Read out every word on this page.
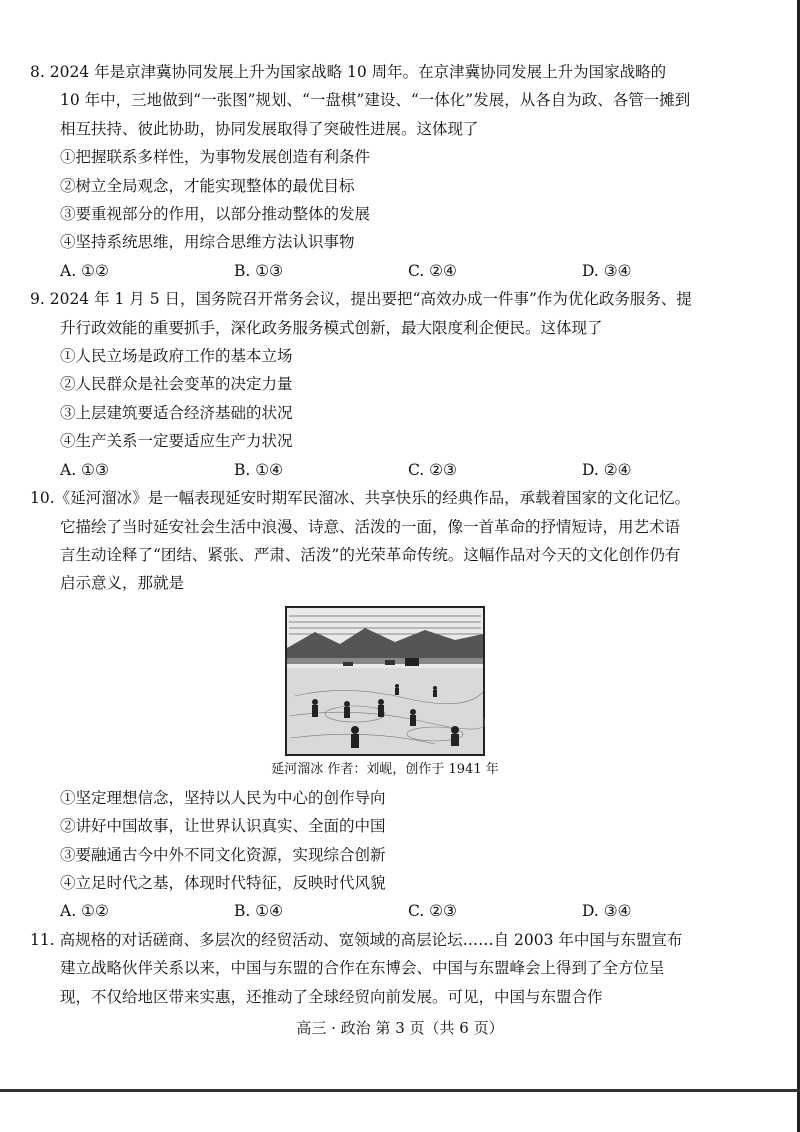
8. 2024 年是京津冀协同发展上升为国家战略 10 周年。在京津冀协同发展上升为国家战略的
10 年中，三地做到“一张图”规划、“一盘棋”建设、“一体化”发展，从各自为政、各管一摊到
相互扶持、彼此协助，协同发展取得了突破性进展。这体现了
①把握联系多样性，为事物发展创造有利条件
②树立全局观念，才能实现整体的最优目标
③要重视部分的作用，以部分推动整体的发展
④坚持系统思维，用综合思维方法认识事物
A. ①②	B. ①③	C. ②④	D. ③④
9. 2024 年 1 月 5 日，国务院召开常务会议，提出要把“高效办成一件事”作为优化政务服务、提
升行政效能的重要抓手，深化政务服务模式创新，最大限度利企便民。这体现了
①人民立场是政府工作的基本立场
②人民群众是社会变革的决定力量
③上层建筑要适合经济基础的状况
④生产关系一定要适应生产力状况
A. ①③	B. ①④	C. ②③	D. ②④
10.《延河溜冰》是一幅表现延安时期军民溜冰、共享快乐的经典作品，承载着国家的文化记忆。
它描绘了当时延安社会生活中浪漫、诗意、活泼的一面，像一首革命的抒情短诗，用艺术语
言生动诠释了“团结、紧张、严肃、活泼”的光荣革命传统。这幅作品对今天的文化创作仍有
启示意义，那就是
延河溜冰 作者：刘岘，创作于 1941 年
①坚定理想信念，坚持以人民为中心的创作导向
②讲好中国故事，让世界认识真实、全面的中国
③要融通古今中外不同文化资源，实现综合创新
④立足时代之基，体现时代特征，反映时代风貌
A. ①②	B. ①④	C. ②③	D. ③④
11. 高规格的对话磋商、多层次的经贸活动、宽领域的高层论坛……自 2003 年中国与东盟宣布
建立战略伙伴关系以来，中国与东盟的合作在东博会、中国与东盟峰会上得到了全方位呈
现，不仅给地区带来实惠，还推动了全球经贸向前发展。可见，中国与东盟合作
高三 · 政治 第 3 页（共 6 页）
